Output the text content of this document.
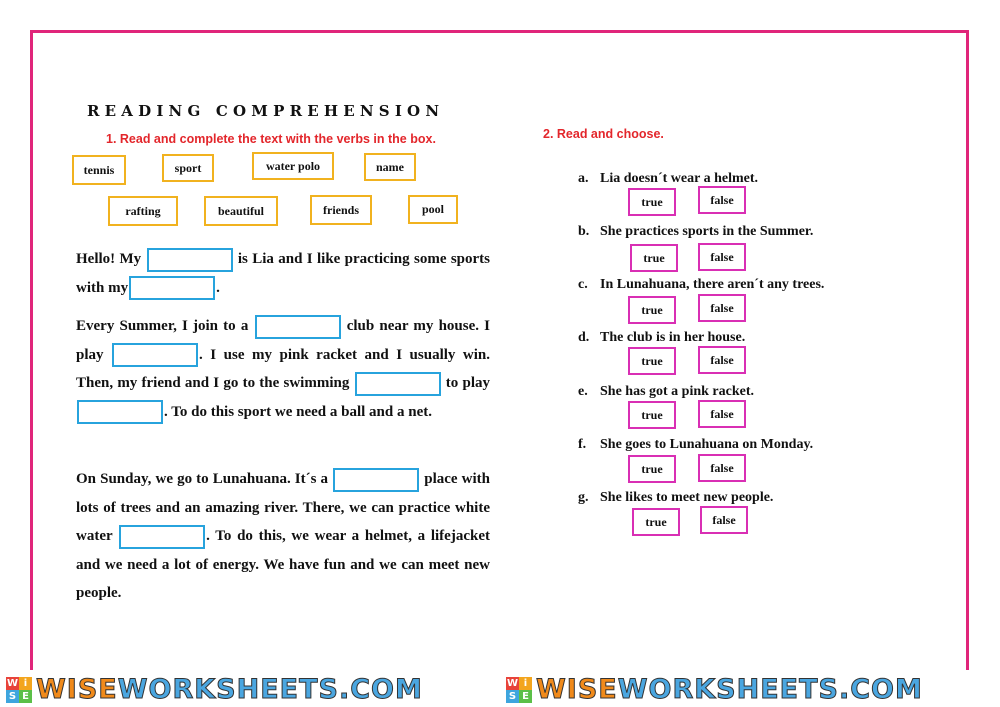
READING COMPREHENSION
1. Read and complete the text with the verbs in the box.
tennis	sport	water polo	name
rafting	beautiful	friends	pool
Hello! My	is Lia and I like practicing some sports with my	.
Every Summer, I join to a	club near my house. I play	. I use my pink racket and I usually win. Then, my friend and I go to the swimming	to play . To do this sport we need a ball and a net.
On Sunday, we go to Lunahuana. It´s a	place with lots of trees and an amazing river. There, we can practice white water	. To do this, we wear a helmet, a lifejacket and we need a lot of energy. We have fun and we can meet new people.
2. Read and choose.
a. Lia doesn´t wear a helmet.
true	false
b. She practices sports in the Summer.
true	false
c. In Lunahuana, there aren´t any trees.
true	false
d. The club is in her house.
true	false
e. She has got a pink racket.
true	false
f. She goes to Lunahuana on Monday.
true	false
g. She likes to meet new people.
true	false
W i
S E WISEWORKSHEETS.COM	W i
S E WISEWORKSHEETS.COM
